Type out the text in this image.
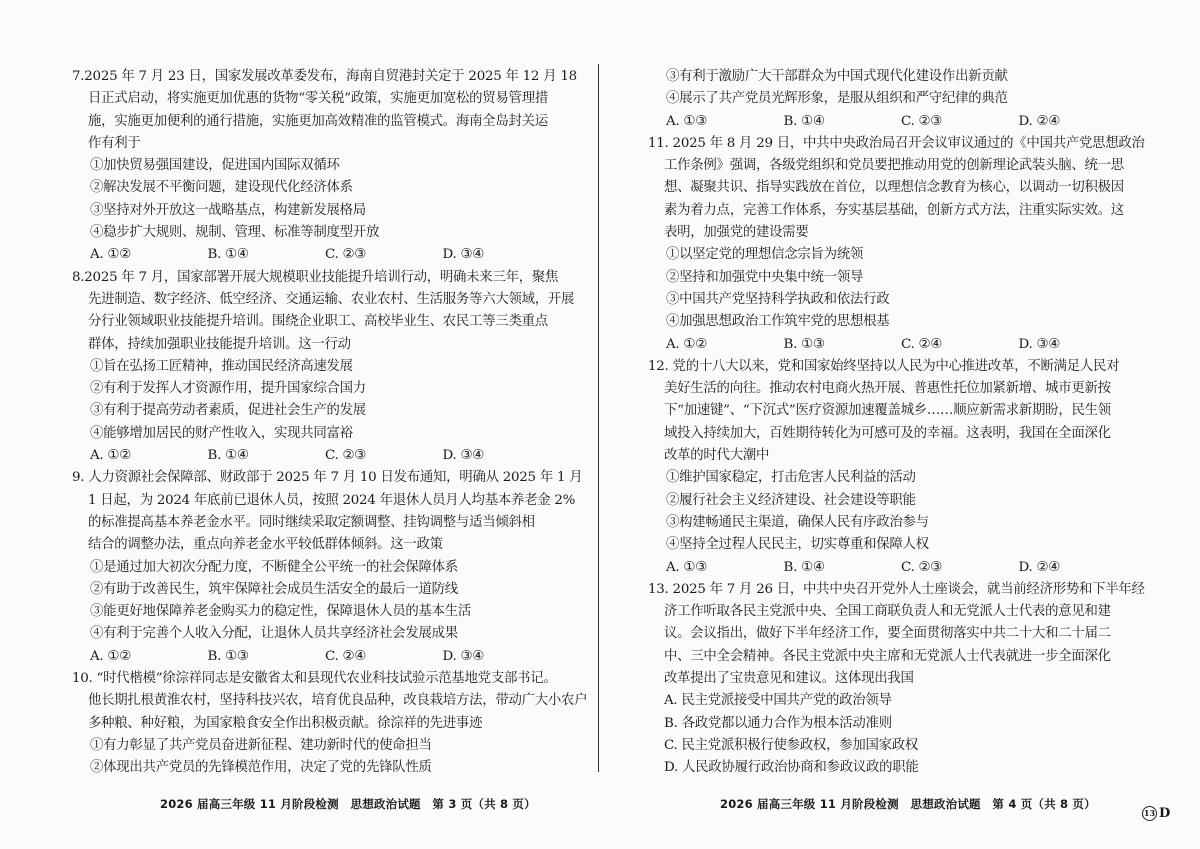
7.2025 年 7 月 23 日，国家发展改革委发布，海南自贸港封关定于 2025 年 12 月 18
日正式启动，将实施更加优惠的货物“零关税”政策，实施更加宽松的贸易管理措
施，实施更加便利的通行措施，实施更加高效精准的监管模式。海南全岛封关运
作有利于
①加快贸易强国建设，促进国内国际双循环
②解决发展不平衡问题，建设现代化经济体系
③坚持对外开放这一战略基点，构建新发展格局
④稳步扩大规则、规制、管理、标准等制度型开放
A. ①②	B. ①④	C. ②③	D. ③④
8.2025 年 7 月，国家部署开展大规模职业技能提升培训行动，明确未来三年，聚焦
先进制造、数字经济、低空经济、交通运输、农业农村、生活服务等六大领域，开展
分行业领域职业技能提升培训。围绕企业职工、高校毕业生、农民工等三类重点
群体，持续加强职业技能提升培训。这一行动
①旨在弘扬工匠精神，推动国民经济高速发展
②有利于发挥人才资源作用，提升国家综合国力
③有利于提高劳动者素质，促进社会生产的发展
④能够增加居民的财产性收入，实现共同富裕
A. ①②	B. ①④	C. ②③	D. ③④
9. 人力资源社会保障部、财政部于 2025 年 7 月 10 日发布通知，明确从 2025 年 1 月
1 日起，为 2024 年底前已退休人员，按照 2024 年退休人员月人均基本养老金 2%
的标准提高基本养老金水平。同时继续采取定额调整、挂钩调整与适当倾斜相
结合的调整办法，重点向养老金水平较低群体倾斜。这一政策
①是通过加大初次分配力度，不断健全公平统一的社会保障体系
②有助于改善民生，筑牢保障社会成员生活安全的最后一道防线
③能更好地保障养老金购买力的稳定性，保障退休人员的基本生活
④有利于完善个人收入分配，让退休人员共享经济社会发展成果
A. ①②	B. ①③	C. ②④	D. ③④
10. “时代楷模”徐淙祥同志是安徽省太和县现代农业科技试验示范基地党支部书记。
他长期扎根黄淮农村，坚持科技兴农，培育优良品种，改良栽培方法，带动广大小农户
多种粮、种好粮，为国家粮食安全作出积极贡献。徐淙祥的先进事迹
①有力彰显了共产党员奋进新征程、建功新时代的使命担当
②体现出共产党员的先锋模范作用，决定了党的先锋队性质
③有利于激励广大干部群众为中国式现代化建设作出新贡献
④展示了共产党员光辉形象，是服从组织和严守纪律的典范
A. ①③	B. ①④	C. ②③	D. ②④
11. 2025 年 8 月 29 日，中共中央政治局召开会议审议通过的《中国共产党思想政治
工作条例》强调，各级党组织和党员要把推动用党的创新理论武装头脑、统一思
想、凝聚共识、指导实践放在首位，以理想信念教育为核心，以调动一切积极因
素为着力点，完善工作体系，夯实基层基础，创新方式方法，注重实际实效。这
表明，加强党的建设需要
①以坚定党的理想信念宗旨为统领
②坚持和加强党中央集中统一领导
③中国共产党坚持科学执政和依法行政
④加强思想政治工作筑牢党的思想根基
A. ①②	B. ①③	C. ②④	D. ③④
12. 党的十八大以来，党和国家始终坚持以人民为中心推进改革，不断满足人民对
美好生活的向往。推动农村电商火热开展、普惠性托位加紧新增、城市更新按
下“加速键”、“下沉式”医疗资源加速覆盖城乡……顺应新需求新期盼，民生领
域投入持续加大，百姓期待转化为可感可及的幸福。这表明，我国在全面深化
改革的时代大潮中
①维护国家稳定，打击危害人民利益的活动
②履行社会主义经济建设、社会建设等职能
③构建畅通民主渠道，确保人民有序政治参与
④坚持全过程人民民主，切实尊重和保障人权
A. ①③	B. ①④	C. ②③	D. ②④
13. 2025 年 7 月 26 日，中共中央召开党外人士座谈会，就当前经济形势和下半年经
济工作听取各民主党派中央、全国工商联负责人和无党派人士代表的意见和建
议。会议指出，做好下半年经济工作，要全面贯彻落实中共二十大和二十届二
中、三中全会精神。各民主党派中央主席和无党派人士代表就进一步全面深化
改革提出了宝贵意见和建议。这体现出我国
A. 民主党派接受中国共产党的政治领导
B. 各政党都以通力合作为根本活动准则
C. 民主党派积极行使参政权，参加国家政权
D. 人民政协履行政治协商和参政议政的职能
2026 届高三年级 11 月阶段检测　思想政治试题　第 3 页（共 8 页）	2026 届高三年级 11 月阶段检测　思想政治试题　第 4 页（共 8 页）
13 D
